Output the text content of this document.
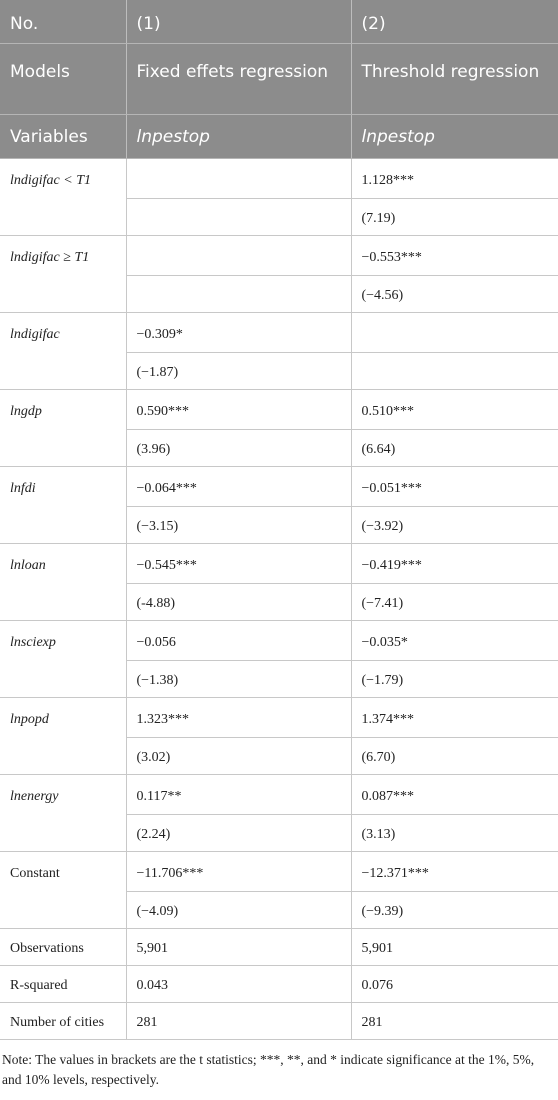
No.	(1)	(2)
Models	Fixed effets regression	Threshold regression
Variables	lnpestop	lnpestop
lndigifac < T1		1.128***
		(7.19)
lndigifac ≥ T1		−0.553***
		(−4.56)
lndigifac	−0.309*	
	(−1.87)	
lngdp	0.590***	0.510***
	(3.96)	(6.64)
lnfdi	−0.064***	−0.051***
	(−3.15)	(−3.92)
lnloan	−0.545***	−0.419***
	(-4.88)	(−7.41)
lnsciexp	−0.056	−0.035*
	(−1.38)	(−1.79)
lnpopd	1.323***	1.374***
	(3.02)	(6.70)
lnenergy	0.117**	0.087***
	(2.24)	(3.13)
Constant	−11.706***	−12.371***
	(−4.09)	(−9.39)
Observations	5,901	5,901
R-squared	0.043	0.076
Number of cities	281	281
Note: The values in brackets are the t statistics; ***, **, and * indicate significance at the 1%, 5%, and 10% levels, respectively.
